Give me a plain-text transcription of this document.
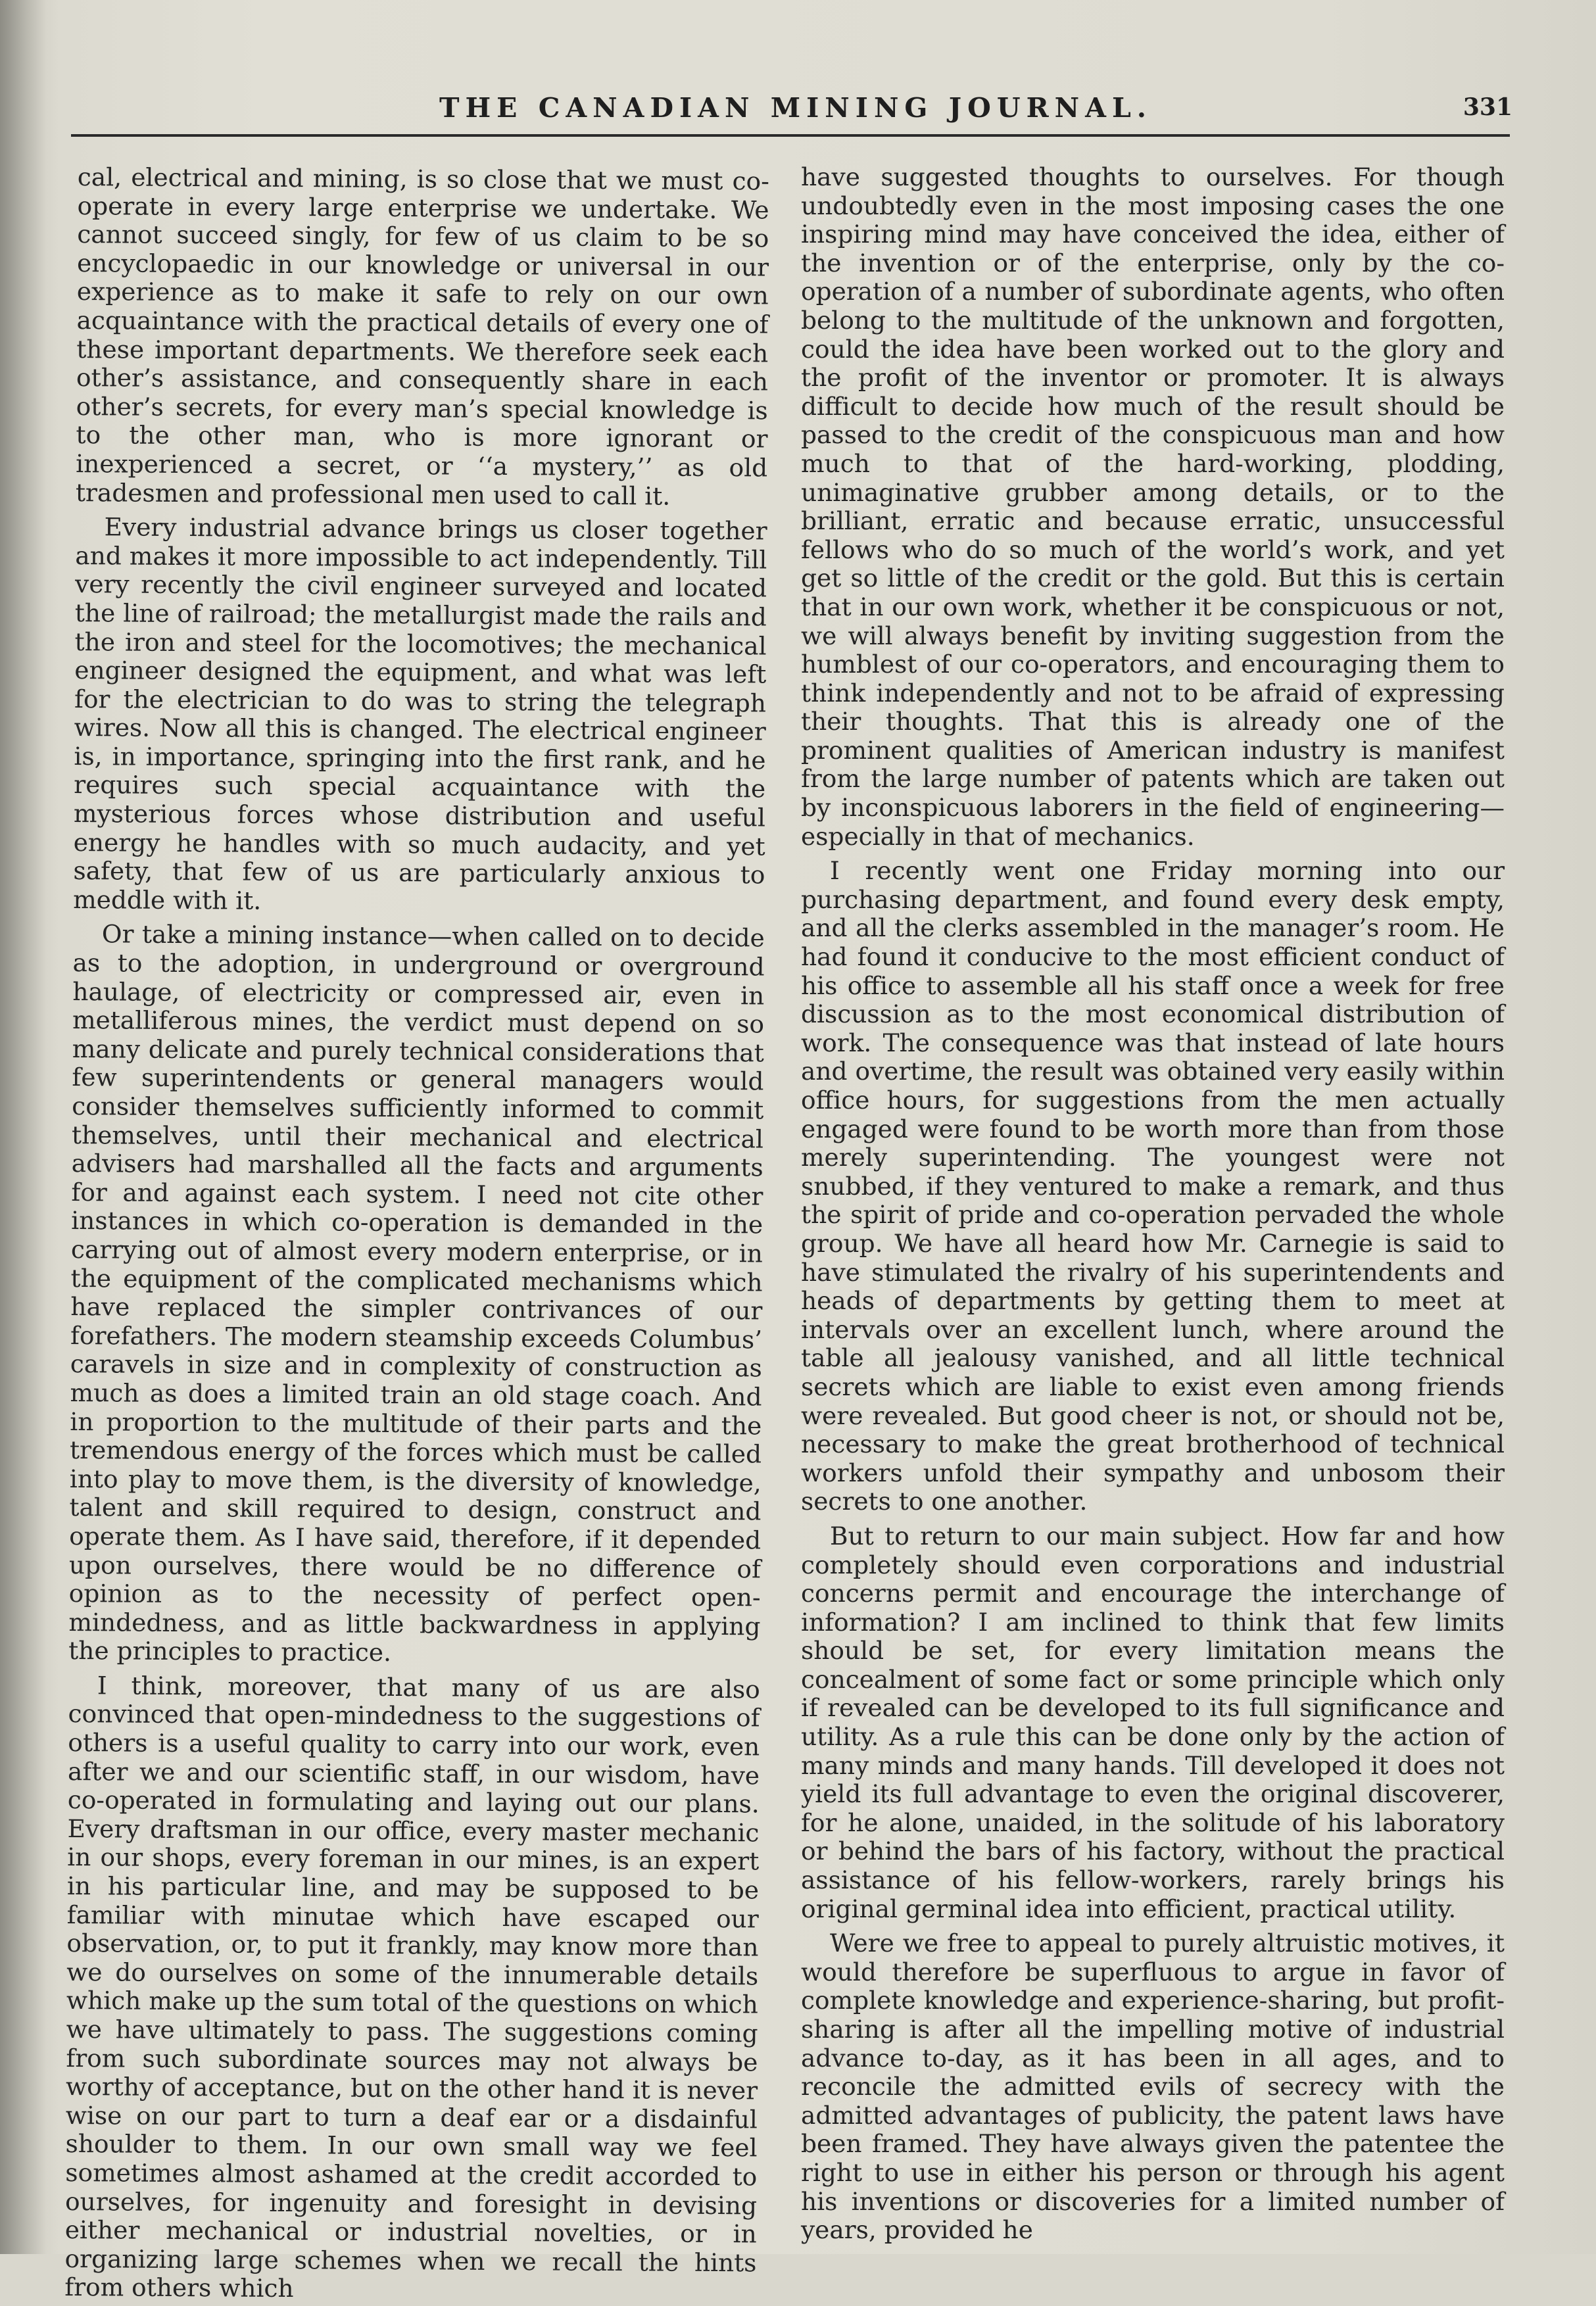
THE CANADIAN MINING JOURNAL.	331

cal, electrical and mining, is so close that we must co-operate in every large enterprise we undertake. We cannot succeed singly, for few of us claim to be so encyclopaedic in our knowledge or universal in our experience as to make it safe to rely on our own acquaintance with the practical details of every one of these important departments. We therefore seek each other’s assistance, and consequently share in each other’s secrets, for every man’s special knowledge is to the other man, who is more ignorant or inexperienced a secret, or ‘‘a mystery,’’ as old tradesmen and professional men used to call it.

Every industrial advance brings us closer together and makes it more impossible to act independently. Till very recently the civil engineer surveyed and located the line of railroad; the metallurgist made the rails and the iron and steel for the locomotives; the mechanical engineer designed the equipment, and what was left for the electrician to do was to string the telegraph wires. Now all this is changed. The electrical engineer is, in importance, springing into the first rank, and he requires such special acquaintance with the mysterious forces whose distribution and useful energy he handles with so much audacity, and yet safety, that few of us are particularly anxious to meddle with it.

Or take a mining instance—when called on to decide as to the adoption, in underground or overground haulage, of electricity or compressed air, even in metalliferous mines, the verdict must depend on so many delicate and purely technical considerations that few superintendents or general managers would consider themselves sufficiently informed to commit themselves, until their mechanical and electrical advisers had marshalled all the facts and arguments for and against each system. I need not cite other instances in which co-operation is demanded in the carrying out of almost every modern enterprise, or in the equipment of the complicated mechanisms which have replaced the simpler contrivances of our forefathers. The modern steamship exceeds Columbus’ caravels in size and in complexity of construction as much as does a limited train an old stage coach. And in proportion to the multitude of their parts and the tremendous energy of the forces which must be called into play to move them, is the diversity of knowledge, talent and skill required to design, construct and operate them. As I have said, therefore, if it depended upon ourselves, there would be no difference of opinion as to the necessity of perfect open-mindedness, and as little backwardness in applying the principles to practice.

I think, moreover, that many of us are also convinced that open-mindedness to the suggestions of others is a useful quality to carry into our work, even after we and our scientific staff, in our wisdom, have co-operated in formulating and laying out our plans. Every draftsman in our office, every master mechanic in our shops, every foreman in our mines, is an expert in his particular line, and may be supposed to be familiar with minutae which have escaped our observation, or, to put it frankly, may know more than we do ourselves on some of the innumerable details which make up the sum total of the questions on which we have ultimately to pass. The suggestions coming from such subordinate sources may not always be worthy of acceptance, but on the other hand it is never wise on our part to turn a deaf ear or a disdainful shoulder to them. In our own small way we feel sometimes almost ashamed at the credit accorded to ourselves, for ingenuity and foresight in devising either mechanical or industrial novelties, or in organizing large schemes when we recall the hints from others which

have suggested thoughts to ourselves. For though undoubtedly even in the most imposing cases the one inspiring mind may have conceived the idea, either of the invention or of the enterprise, only by the co-operation of a number of subordinate agents, who often belong to the multitude of the unknown and forgotten, could the idea have been worked out to the glory and the profit of the inventor or promoter. It is always difficult to decide how much of the result should be passed to the credit of the conspicuous man and how much to that of the hard-working, plodding, unimaginative grubber among details, or to the brilliant, erratic and because erratic, unsuccessful fellows who do so much of the world’s work, and yet get so little of the credit or the gold. But this is certain that in our own work, whether it be conspicuous or not, we will always benefit by inviting suggestion from the humblest of our co-operators, and encouraging them to think independently and not to be afraid of expressing their thoughts. That this is already one of the prominent qualities of American industry is manifest from the large number of patents which are taken out by inconspicuous laborers in the field of engineering—especially in that of mechanics.

I recently went one Friday morning into our purchasing department, and found every desk empty, and all the clerks assembled in the manager’s room. He had found it conducive to the most efficient conduct of his office to assemble all his staff once a week for free discussion as to the most economical distribution of work. The consequence was that instead of late hours and overtime, the result was obtained very easily within office hours, for suggestions from the men actually engaged were found to be worth more than from those merely superintending. The youngest were not snubbed, if they ventured to make a remark, and thus the spirit of pride and co-operation pervaded the whole group. We have all heard how Mr. Carnegie is said to have stimulated the rivalry of his superintendents and heads of departments by getting them to meet at intervals over an excellent lunch, where around the table all jealousy vanished, and all little technical secrets which are liable to exist even among friends were revealed. But good cheer is not, or should not be, necessary to make the great brotherhood of technical workers unfold their sympathy and unbosom their secrets to one another.

But to return to our main subject. How far and how completely should even corporations and industrial concerns permit and encourage the interchange of information? I am inclined to think that few limits should be set, for every limitation means the concealment of some fact or some principle which only if revealed can be developed to its full significance and utility. As a rule this can be done only by the action of many minds and many hands. Till developed it does not yield its full advantage to even the original discoverer, for he alone, unaided, in the solitude of his laboratory or behind the bars of his factory, without the practical assistance of his fellow-workers, rarely brings his original germinal idea into efficient, practical utility.

Were we free to appeal to purely altruistic motives, it would therefore be superfluous to argue in favor of complete knowledge and experience-sharing, but profit-sharing is after all the impelling motive of industrial advance to-day, as it has been in all ages, and to reconcile the admitted evils of secrecy with the admitted advantages of publicity, the patent laws have been framed. They have always given the patentee the right to use in either his person or through his agent his inventions or discoveries for a limited number of years, provided he
